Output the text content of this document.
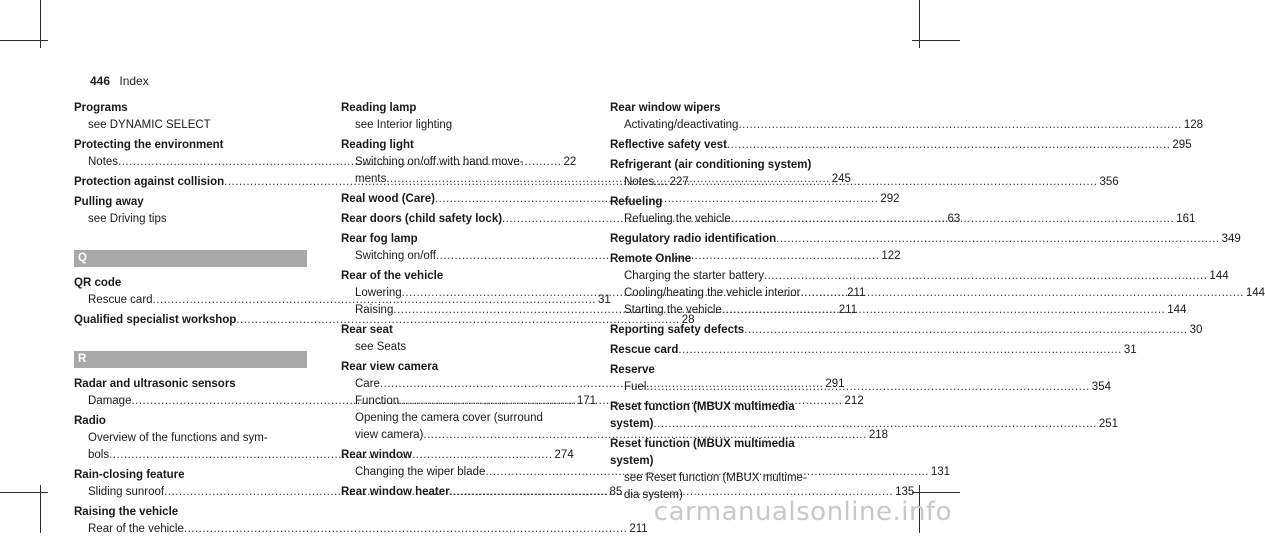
446 Index
Programs
see DYNAMIC SELECT
Protecting the environment
Notes .....	22
Protection against collision .....	227
Pulling away
see Driving tips
Q
QR code
Rescue card .....	31
Qualified specialist workshop .....	28
R
Radar and ultrasonic sensors
Damage .....	171
Radio
Overview of the functions and sym-
bols .....	274
Rain-closing feature
Sliding sunroof .....	85
Raising the vehicle
Rear of the vehicle .....	211
Reading lamp
see Interior lighting
Reading light
Switching on/off with hand move-
ments .....	245
Real wood (Care) .....	292
Rear doors (child safety lock) .....	63
Rear fog lamp
Switching on/off .....	122
Rear of the vehicle
Lowering .....	211
Raising .....	211
Rear seat
see Seats
Rear view camera
Care .....	291
Function .....	212
Opening the camera cover (surround
view camera) .....	218
Rear window
Changing the wiper blade .....	131
Rear window heater .....	135
Rear window wipers
Activating/deactivating .....	128
Reflective safety vest .....	295
Refrigerant (air conditioning system)
Notes .....	356
Refueling
Refueling the vehicle .....	161
Regulatory radio identification .....	349
Remote Online
Charging the starter battery .....	144
Cooling/heating the vehicle interior .....	144
Starting the vehicle .....	144
Reporting safety defects .....	30
Rescue card .....	31
Reserve
Fuel .....	354
Reset function (MBUX multimedia
system) .....	251
Reset function (MBUX multimedia
system)
see Reset function (MBUX multime-
dia system)
carmanualsonline.info
